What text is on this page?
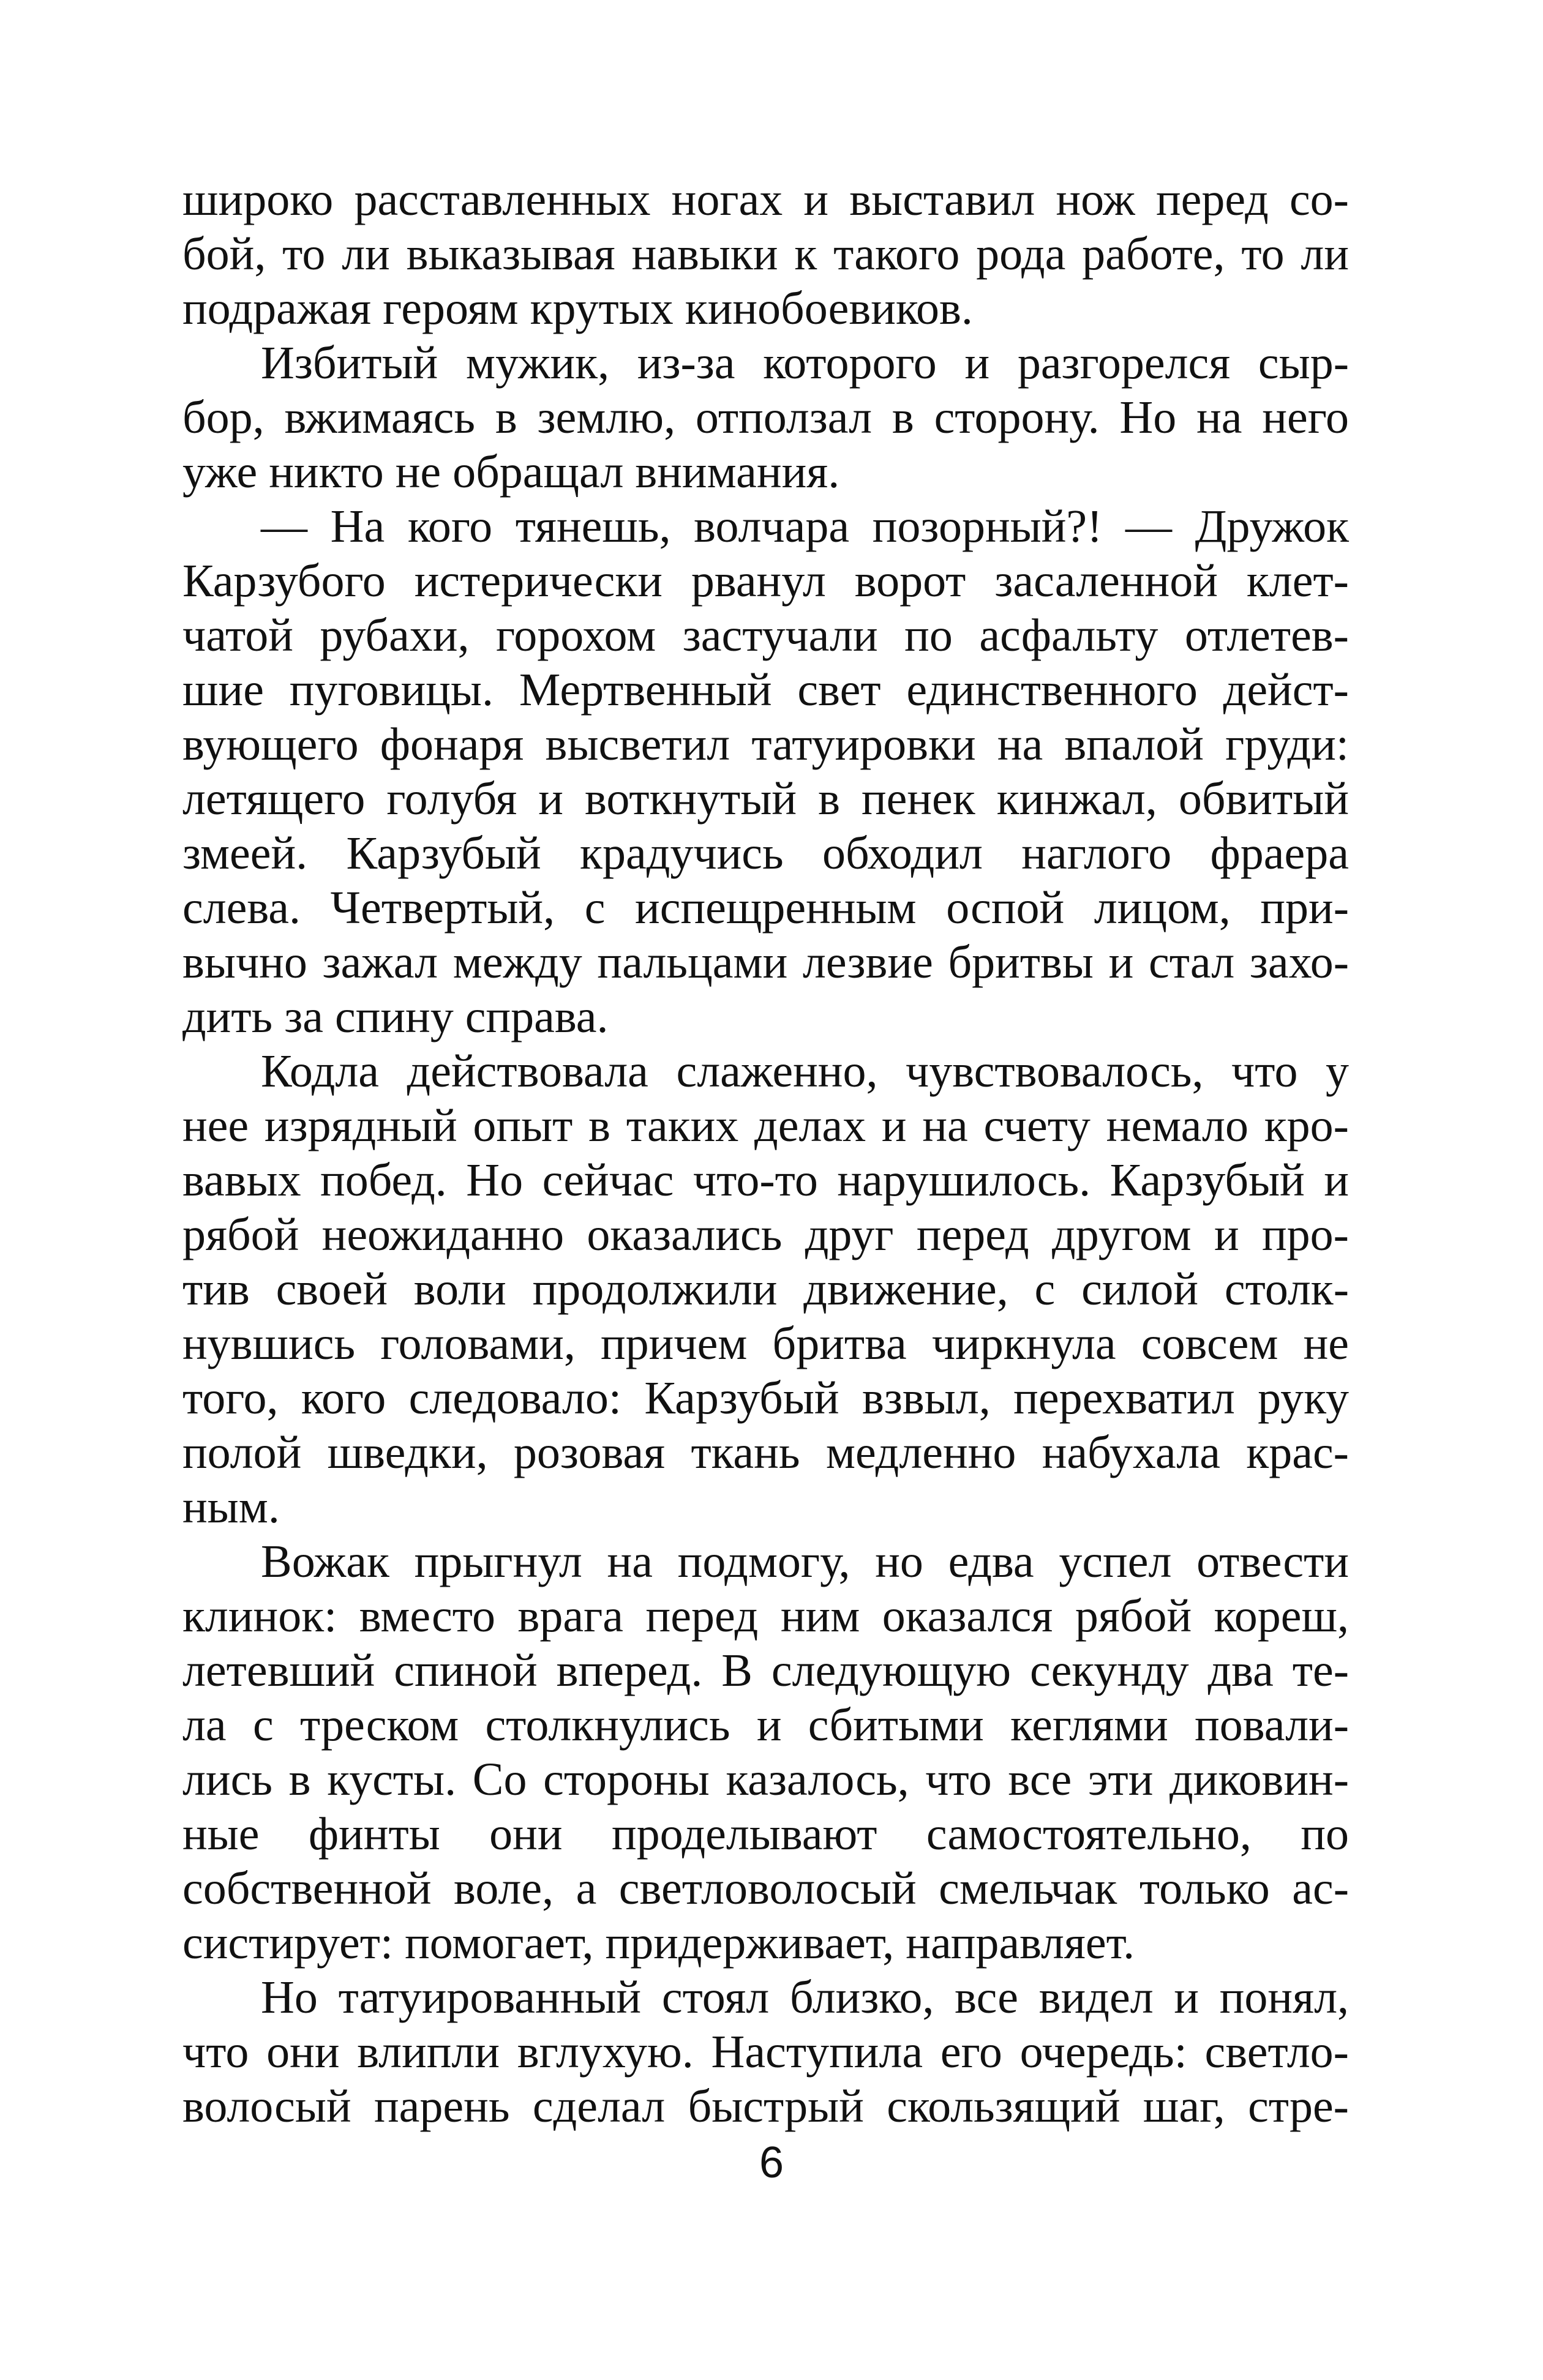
широко расставленных ногах и выставил нож перед со-
бой, то ли выказывая навыки к такого рода работе, то ли
подражая героям крутых кинобоевиков.
Избитый мужик, из-за которого и разгорелся сыр-
бор, вжимаясь в землю, отползал в сторону. Но на него
уже никто не обращал внимания.
— На кого тянешь, волчара позорный?! — Дружок
Карзубого истерически рванул ворот засаленной клет-
чатой рубахи, горохом застучали по асфальту отлетев-
шие пуговицы. Мертвенный свет единственного дейст-
вующего фонаря высветил татуировки на впалой груди:
летящего голубя и воткнутый в пенек кинжал, обвитый
змеей. Карзубый крадучись обходил наглого фраера
слева. Четвертый, с испещренным оспой лицом, при-
вычно зажал между пальцами лезвие бритвы и стал захо-
дить за спину справа.
Кодла действовала слаженно, чувствовалось, что у
нее изрядный опыт в таких делах и на счету немало кро-
вавых побед. Но сейчас что-то нарушилось. Карзубый и
рябой неожиданно оказались друг перед другом и про-
тив своей воли продолжили движение, с силой столк-
нувшись головами, причем бритва чиркнула совсем не
того, кого следовало: Карзубый взвыл, перехватил руку
полой шведки, розовая ткань медленно набухала крас-
ным.
Вожак прыгнул на подмогу, но едва успел отвести
клинок: вместо врага перед ним оказался рябой кореш,
летевший спиной вперед. В следующую секунду два те-
ла с треском столкнулись и сбитыми кеглями повали-
лись в кусты. Со стороны казалось, что все эти диковин-
ные финты они проделывают самостоятельно, по
собственной воле, а светловолосый смельчак только ас-
систирует: помогает, придерживает, направляет.
Но татуированный стоял близко, все видел и понял,
что они влипли вглухую. Наступила его очередь: светло-
волосый парень сделал быстрый скользящий шаг, стре-
6
